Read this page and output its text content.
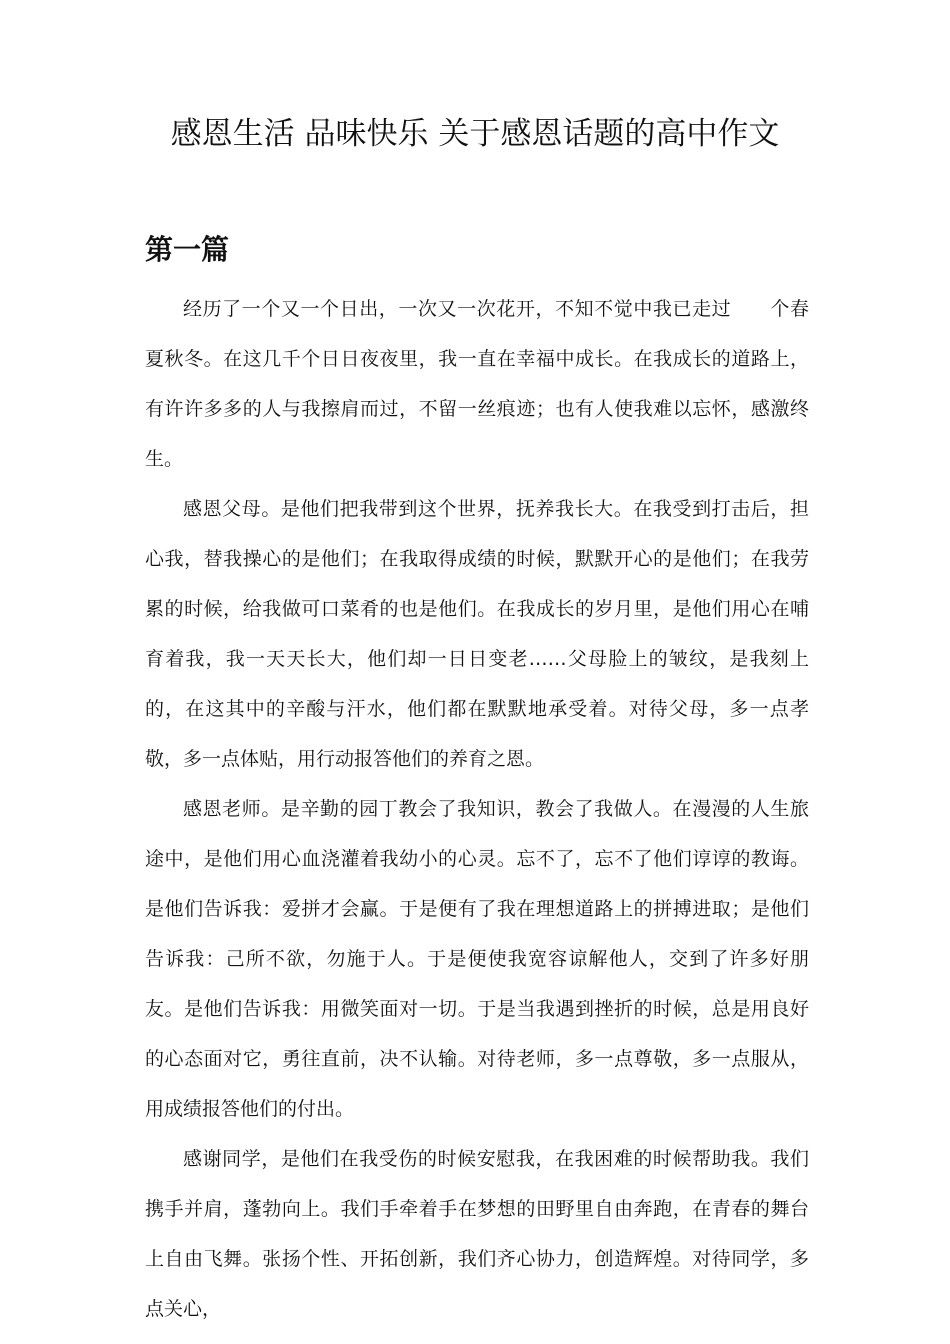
感恩生活 品味快乐 关于感恩话题的高中作文
第一篇

经历了一个又一个日出，一次又一次花开，不知不觉中我已走过　　个春夏秋冬。在这几千个日日夜夜里，我一直在幸福中成长。在我成长的道路上，有许许多多的人与我擦肩而过，不留一丝痕迹；也有人使我难以忘怀，感激终生。

感恩父母。是他们把我带到这个世界，抚养我长大。在我受到打击后，担心我，替我操心的是他们；在我取得成绩的时候，默默开心的是他们；在我劳累的时候，给我做可口菜肴的也是他们。在我成长的岁月里，是他们用心在哺育着我，我一天天长大，他们却一日日变老……父母脸上的皱纹，是我刻上的，在这其中的辛酸与汗水，他们都在默默地承受着。对待父母，多一点孝敬，多一点体贴，用行动报答他们的养育之恩。

感恩老师。是辛勤的园丁教会了我知识，教会了我做人。在漫漫的人生旅途中，是他们用心血浇灌着我幼小的心灵。忘不了，忘不了他们谆谆的教诲。是他们告诉我：爱拼才会赢。于是便有了我在理想道路上的拼搏进取；是他们告诉我：己所不欲，勿施于人。于是便使我宽容谅解他人，交到了许多好朋友。是他们告诉我：用微笑面对一切。于是当我遇到挫折的时候，总是用良好的心态面对它，勇往直前，决不认输。对待老师，多一点尊敬，多一点服从，用成绩报答他们的付出。

感谢同学，是他们在我受伤的时候安慰我，在我困难的时候帮助我。我们携手并肩，蓬勃向上。我们手牵着手在梦想的田野里自由奔跑，在青春的舞台上自由飞舞。张扬个性、开拓创新，我们齐心协力，创造辉煌。对待同学，多点关心，
